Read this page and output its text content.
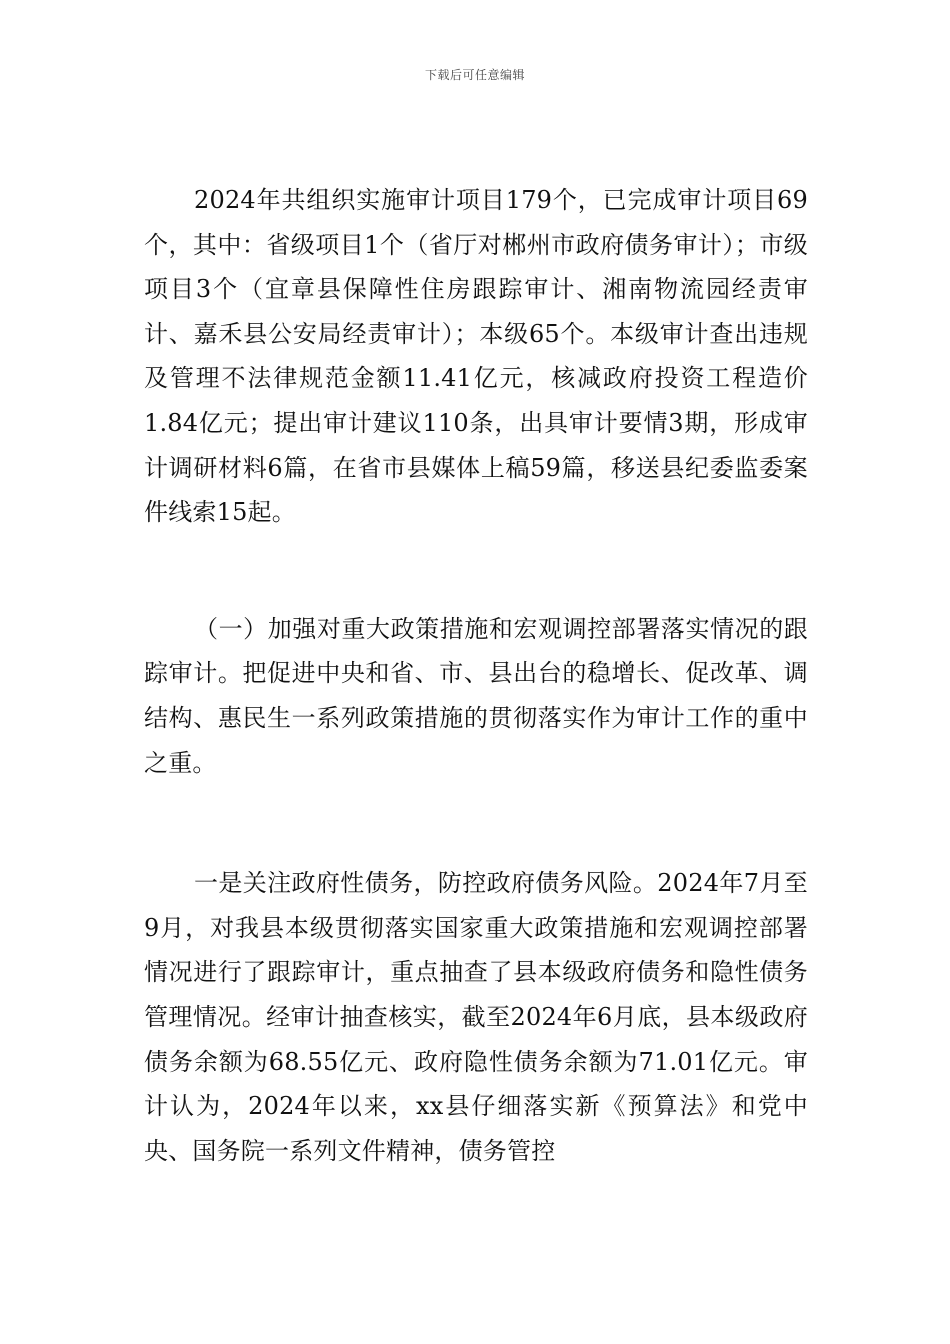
下载后可任意编辑

2024年共组织实施审计项目179个，已完成审计项目69个，其中：省级项目1个（省厅对郴州市政府债务审计）；市级项目3个（宜章县保障性住房跟踪审计、湘南物流园经责审计、嘉禾县公安局经责审计）；本级65个。本级审计查出违规及管理不法律规范金额11.41亿元，核减政府投资工程造价1.84亿元；提出审计建议110条，出具审计要情3期，形成审计调研材料6篇，在省市县媒体上稿59篇，移送县纪委监委案件线索15起。

（一）加强对重大政策措施和宏观调控部署落实情况的跟踪审计。把促进中央和省、市、县出台的稳增长、促改革、调结构、惠民生一系列政策措施的贯彻落实作为审计工作的重中之重。

一是关注政府性债务，防控政府债务风险。2024年7月至9月，对我县本级贯彻落实国家重大政策措施和宏观调控部署情况进行了跟踪审计，重点抽查了县本级政府债务和隐性债务管理情况。经审计抽查核实，截至2024年6月底，县本级政府债务余额为68.55亿元、政府隐性债务余额为71.01亿元。审计认为，2024年以来，xx县仔细落实新《预算法》和党中央、国务院一系列文件精神，债务管控
